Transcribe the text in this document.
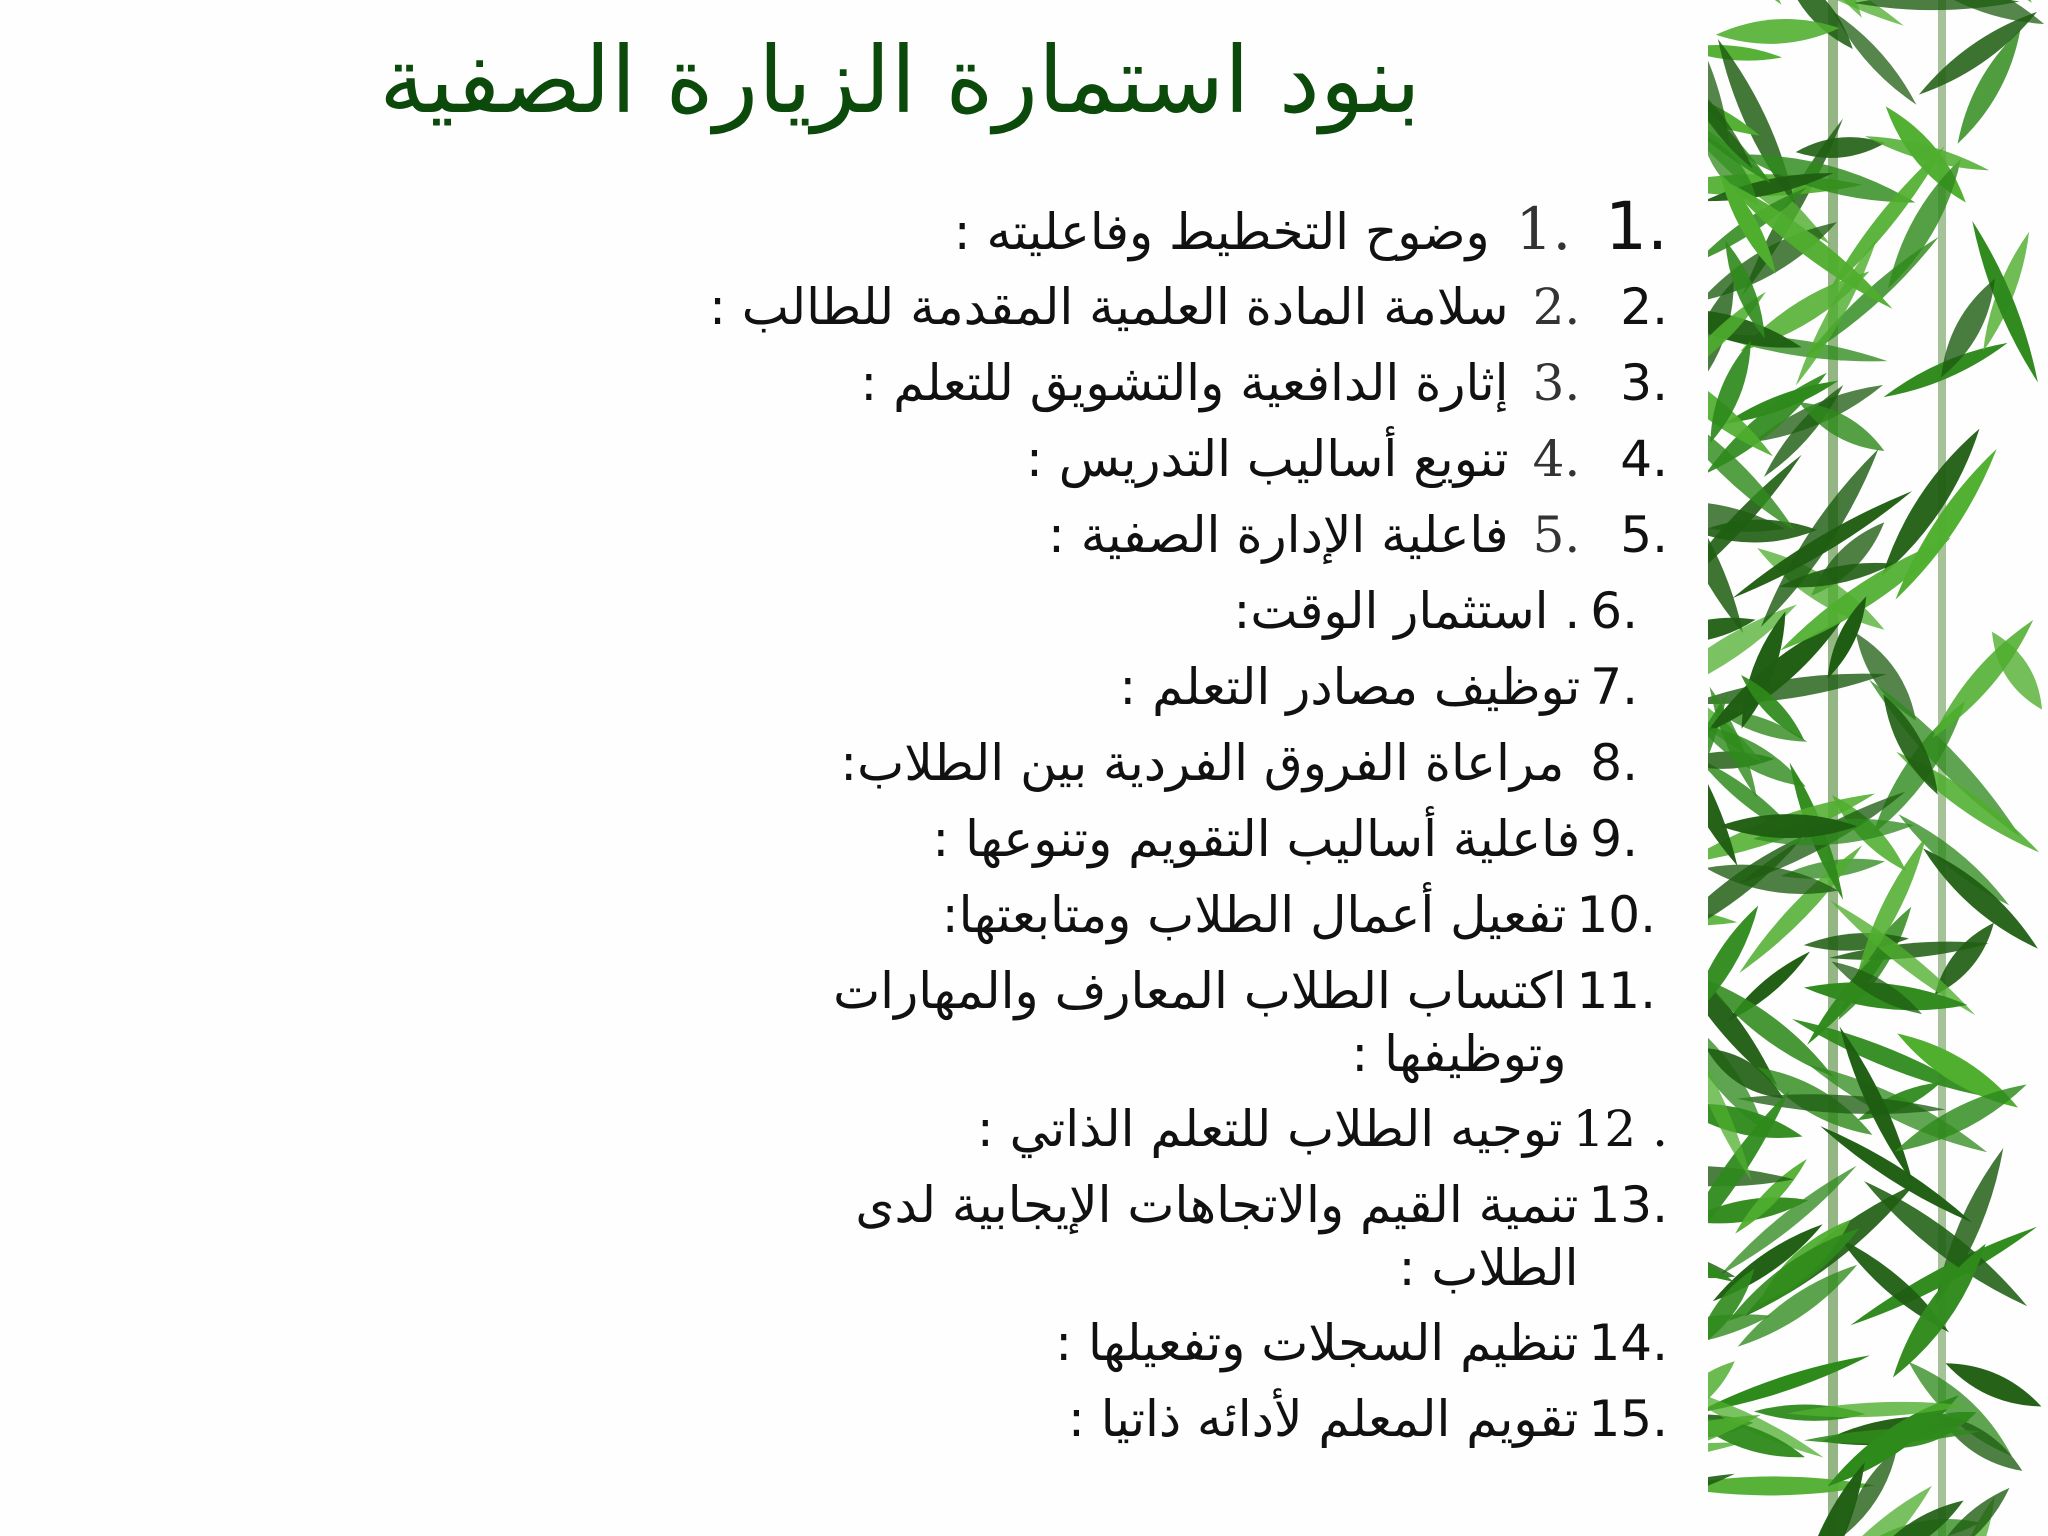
بنود استمارة الزيارة الصفية
1.
1.
وضوح التخطيط وفاعليته :
2.
2.
سلامة المادة العلمية المقدمة للطالب :
3.
3.
إثارة الدافعية والتشويق للتعلم :
4.
4.
تنويع أساليب التدريس :
5.
5.
فاعلية الإدارة الصفية :
6.
. استثمار الوقت:
7.
توظيف مصادر التعلم :
8.
مراعاة الفروق الفردية بين الطلاب:
9.
فاعلية أساليب التقويم وتنوعها :
10.
تفعيل أعمال الطلاب ومتابعتها:
11.
اكتساب الطلاب المعارف والمهارات وتوظيفها :
12 .
توجيه الطلاب للتعلم الذاتي :
13.
تنمية القيم والاتجاهات الإيجابية لدى الطلاب :
14.
تنظيم السجلات وتفعيلها :
15.
تقويم المعلم لأدائه ذاتيا :
